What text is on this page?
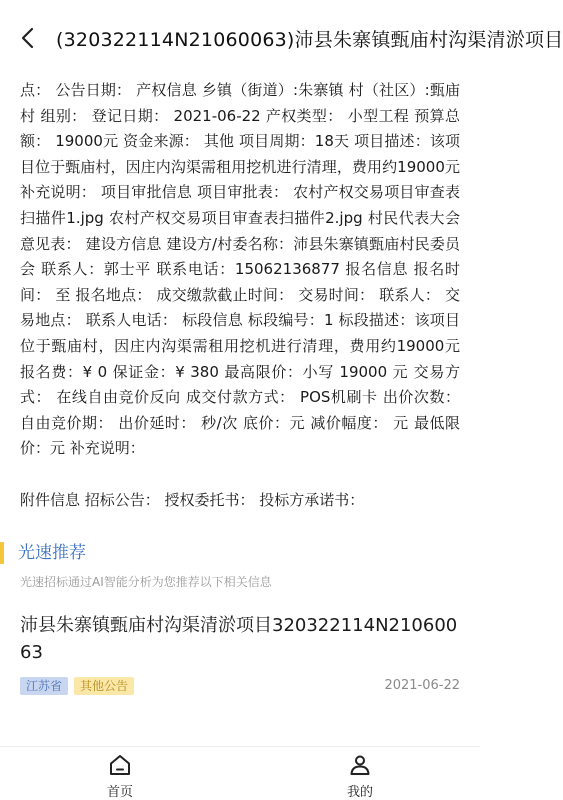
(320322114N21060063)沛县朱寨镇甄庙村沟渠清淤项目
点： 公告日期： 产权信息 乡镇（街道）:朱寨镇 村（社区）:甄庙村 组别： 登记日期： 2021-06-22 产权类型： 小型工程 预算总额： 19000元 资金来源： 其他 项目周期：18天 项目描述：该项目位于甄庙村，因庄内沟渠需租用挖机进行清理，费用约19000元 补充说明： 项目审批信息 项目审批表： 农村产权交易项目审查表扫描件1.jpg 农村产权交易项目审查表扫描件2.jpg 村民代表大会意见表： 建设方信息 建设方/村委名称：沛县朱寨镇甄庙村民委员会 联系人：郭士平 联系电话：15062136877 报名信息 报名时间： 至 报名地点： 成交缴款截止时间： 交易时间： 联系人： 交易地点： 联系人电话： 标段信息 标段编号：1 标段描述：该项目位于甄庙村，因庄内沟渠需租用挖机进行清理，费用约19000元 报名费：¥ 0 保证金：¥ 380 最高限价：小写 19000 元 交易方式： 在线自由竞价反向 成交付款方式： POS机刷卡 出价次数： 自由竞价期： 出价延时： 秒/次 底价：元 减价幅度： 元 最低限价：元 补充说明：
附件信息 招标公告： 授权委托书： 投标方承诺书：
光速推荐
光速招标通过AI智能分析为您推荐以下相关信息
沛县朱寨镇甄庙村沟渠清淤项目320322114N21060063
江苏省	其他公告	2021-06-22
首页	我的
